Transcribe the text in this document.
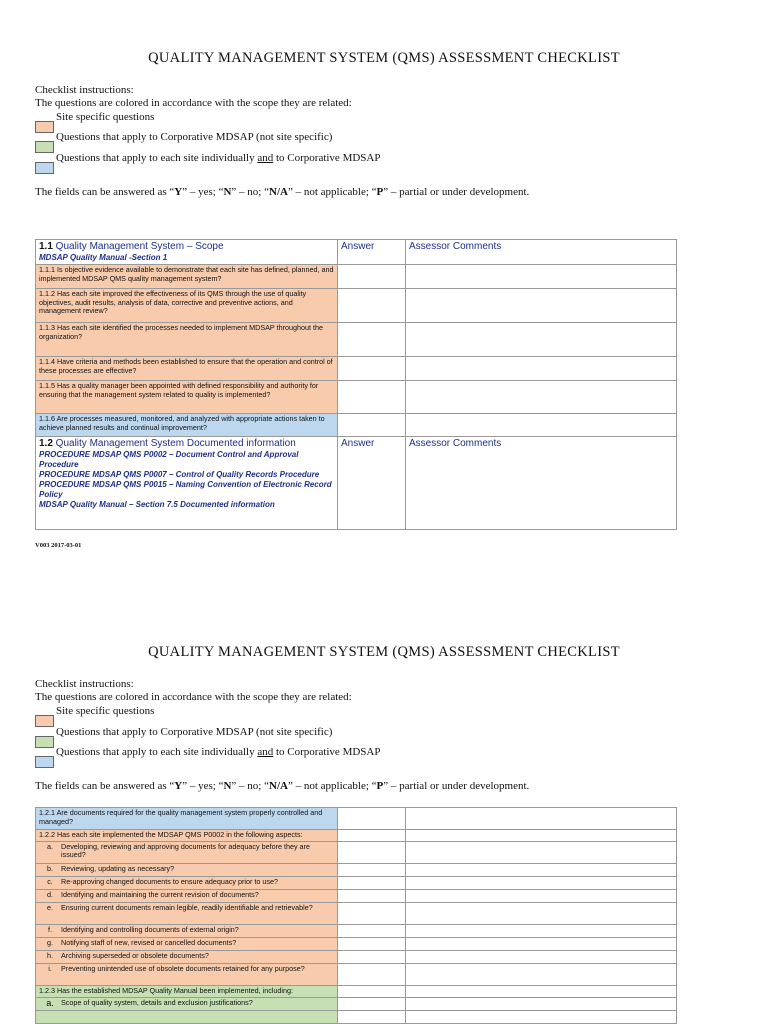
QUALITY MANAGEMENT SYSTEM (QMS) ASSESSMENT CHECKLIST
Checklist instructions:
The questions are colored in accordance with the scope they are related:
Site specific questions
Questions that apply to Corporative MDSAP (not site specific)
Questions that apply to each site individually and to Corporative MDSAP
The fields can be answered as “Y” – yes; “N” – no; “N/A” – not applicable; “P” – partial or under development.
1.1 Quality Management System – Scope
MDSAP Quality Manual -Section 1	Answer	Assessor Comments
1.1.1 Is objective evidence available to demonstrate that each site has defined, planned, and implemented MDSAP QMS quality management system?		
1.1.2 Has each site improved the effectiveness of its QMS through the use of quality objectives, audit results, analysis of data, corrective and preventive actions, and management review?		
1.1.3 Has each site identified the processes needed to implement MDSAP throughout the organization?		
1.1.4 Have criteria and methods been established to ensure that the operation and control of these processes are effective?		
1.1.5 Has a quality manager been appointed with defined responsibility and authority for ensuring that the management system related to quality is implemented?		
1.1.6 Are processes measured, monitored, and analyzed with appropriate actions taken to achieve planned results and continual improvement?		

1.2 Quality Management System Documented information
PROCEDURE MDSAP QMS P0002 – Document Control and Approval Procedure
PROCEDURE MDSAP QMS P0007 – Control of Quality Records Procedure
PROCEDURE MDSAP QMS P0015 – Naming Convention of Electronic Record Policy
MDSAP Quality Manual – Section 7.5 Documented information	Answer	Assessor Comments
V003 2017-03-01
QUALITY MANAGEMENT SYSTEM (QMS) ASSESSMENT CHECKLIST
Checklist instructions:
The questions are colored in accordance with the scope they are related:
Site specific questions
Questions that apply to Corporative MDSAP (not site specific)
Questions that apply to each site individually and to Corporative MDSAP
The fields can be answered as “Y” – yes; “N” – no; “N/A” – not applicable; “P” – partial or under development.
1.2.1 Are documents required for the quality management system properly controlled and managed?		
1.2.2 Has each site implemented the MDSAP QMS P0002 in the following aspects:		

a. Developing, reviewing and approving documents for adequacy before they are issued?		

b. Reviewing, updating as necessary?		

c. Re-approving changed documents to ensure adequacy prior to use?		

d. Identifying and maintaining the current revision of documents?		

e. Ensuring current documents remain legible, readily identifiable and retrievable?		

f. Identifying and controlling documents of external origin?		

g. Notifying staff of new, revised or cancelled documents?		

h. Archiving superseded or obsolete documents?		

i. Preventing unintended use of obsolete documents retained for any purpose?		

1.2.3 Has the established MDSAP Quality Manual been implemented, including:		

a. Scope of quality system, details and exclusion justifications?		
